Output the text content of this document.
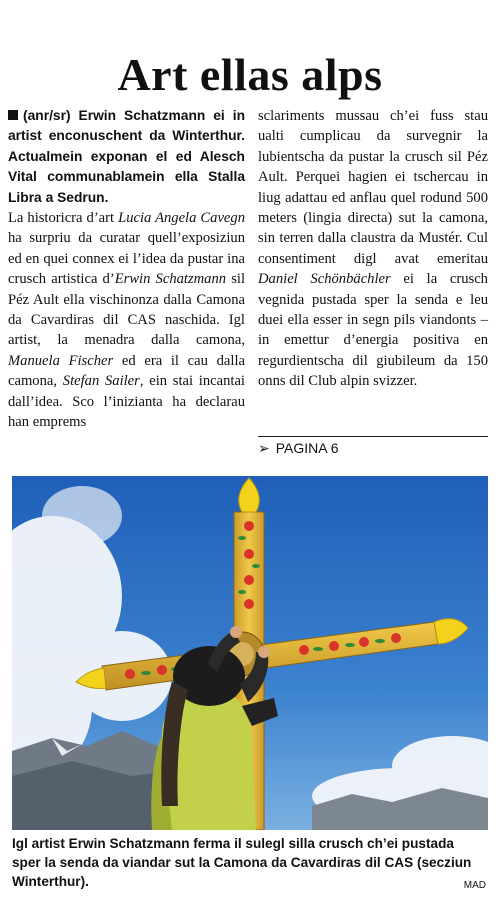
Art ellas alps
(anr/sr) Erwin Schatzmann ei in artist enconuschent da Winterthur. Actualmein exponan el ed Alesch Vital communablamein ella Stalla Libra a Sedrun.
La historicra d’art Lucia Angela Cavegn ha surpriu da curatar quell’exposiziun ed en quei connex ei l’idea da pustar ina crusch artistica d’Erwin Schatzmann sil Péz Ault ella vischinonza dalla Camona da Cavardiras dil CAS naschida. Igl artist, la menadra dalla camona, Manuela Fischer ed era il cau dalla camona, Stefan Sailer, ein stai incantai dall’idea. Sco l’inizianta ha declarau han emprems
sclariments mussau ch’ei fuss stau ualti cumplicau da survegnir la lubientscha da pustar la crusch sil Péz Ault. Perquei hagien ei tschercau in liug adattau ed anflau quel rodund 500 meters (lingia directa) sut la camona, sin terren dalla claustra da Mustér. Cul consentiment digl avat emeritau Daniel Schönbächler ei la crusch vegnida pustada sper la senda e leu duei ella esser in segn pils viandonts – in emettur d’energia positiva en regurdientscha dil giubileum da 150 onns dil Club alpin svizzer.
➢ PAGINA 6
Igl artist Erwin Schatzmann ferma il sulegl silla crusch ch’ei pustada sper la senda da viandar sut la Camona da Cavardiras dil CAS (secziun Winterthur).	MAD
